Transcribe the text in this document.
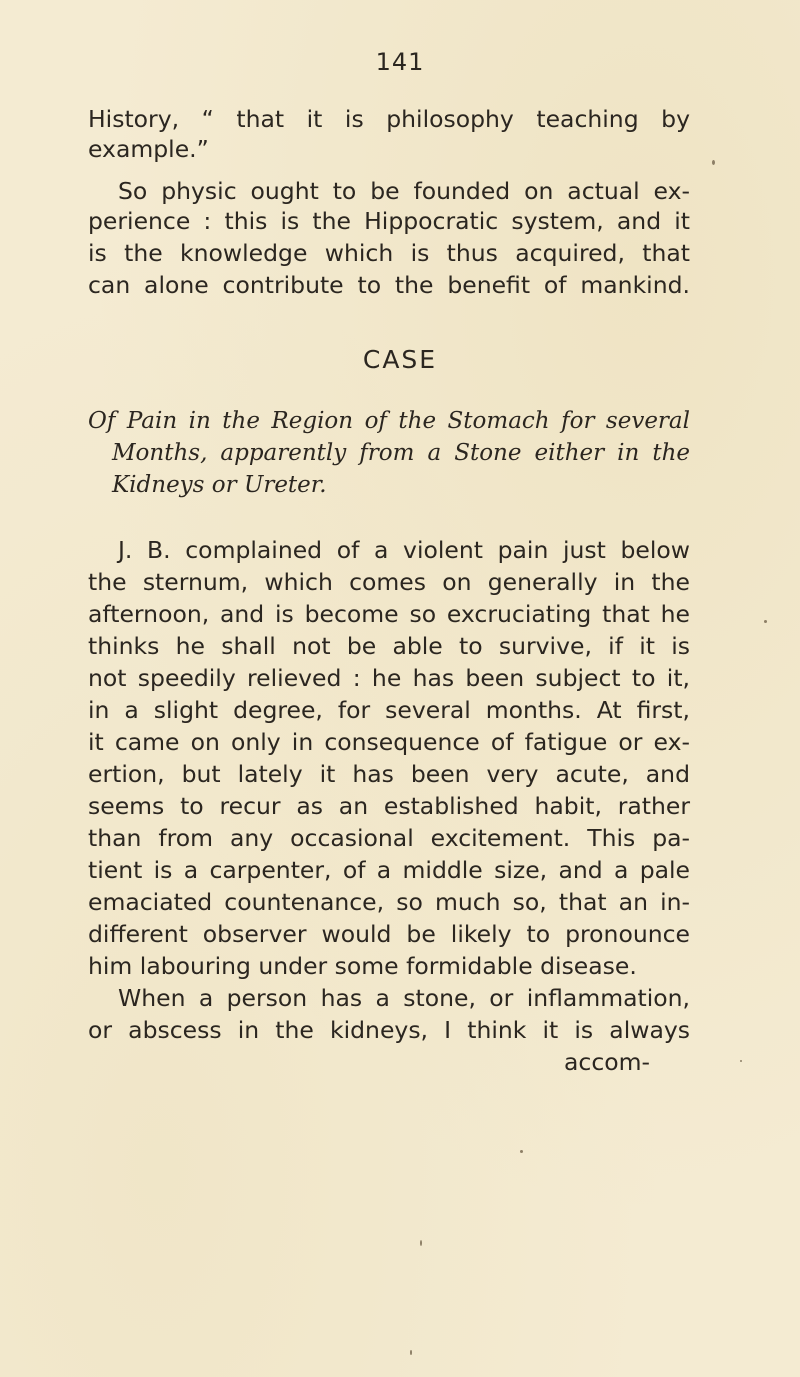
141
History, “ that it is philosophy teaching by
example.”
So physic ought to be founded on actual ex-
perience : this is the Hippocratic system, and it
is the knowledge which is thus acquired, that
can alone contribute to the benefit of mankind.
CASE
Of Pain in the Region of the Stomach for several
Months, apparently from a Stone either in the
Kidneys or Ureter.
J. B. complained of a violent pain just below
the sternum, which comes on generally in the
afternoon, and is become so excruciating that he
thinks he shall not be able to survive, if it is
not speedily relieved : he has been subject to it,
in a slight degree, for several months. At first,
it came on only in consequence of fatigue or ex-
ertion, but lately it has been very acute, and
seems to recur as an established habit, rather
than from any occasional excitement. This pa-
tient is a carpenter, of a middle size, and a pale
emaciated countenance, so much so, that an in-
different observer would be likely to pronounce
him labouring under some formidable disease.
When a person has a stone, or inflammation,
or abscess in the kidneys, I think it is always
accom-
